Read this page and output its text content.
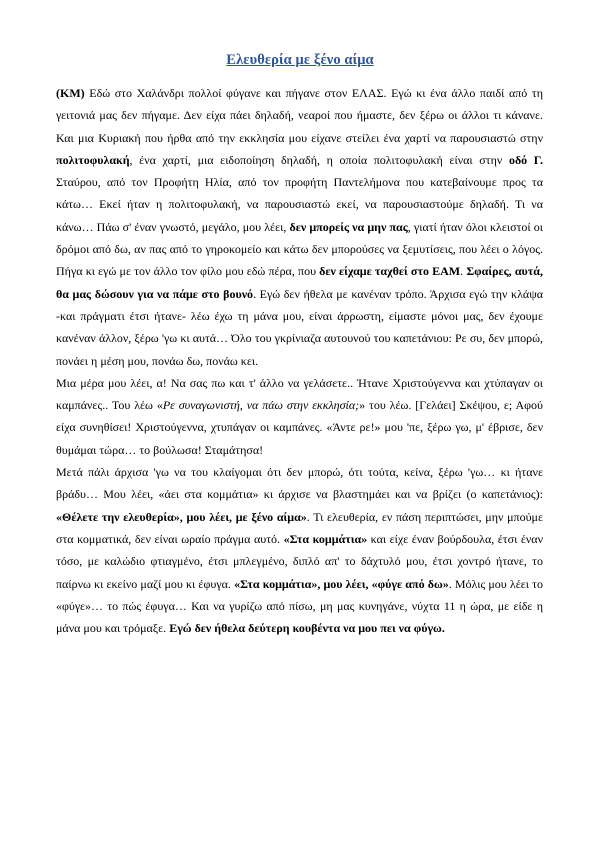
Ελευθερία με ξένο αίμα

(ΚΜ) Εδώ στο Χαλάνδρι πολλοί φύγανε και πήγανε στον ΕΛΑΣ. Εγώ κι ένα άλλο παιδί από τη γειτονιά μας δεν πήγαμε. Δεν είχα πάει δηλαδή, νεαροί που ήμαστε, δεν ξέρω οι άλλοι τι κάνανε. Και μια Κυριακή που ήρθα από την εκκλησία μου είχανε στείλει ένα χαρτί να παρουσιαστώ στην πολιτοφυλακή, ένα χαρτί, μια ειδοποίηση δηλαδή, η οποία πολιτοφυλακή είναι στην οδό Γ. Σταύρου, από τον Προφήτη Ηλία, από τον προφήτη Παντελήμονα που κατεβαίνουμε προς τα κάτω… Εκεί ήταν η πολιτοφυλακή, να παρουσιαστώ εκεί, να παρουσιαστούμε δηλαδή. Τι να κάνω… Πάω σ' έναν γνωστό, μεγάλο, μου λέει, δεν μπορείς να μην πας, γιατί ήταν όλοι κλειστοί οι δρόμοι από δω, αν πας από το γηροκομείο και κάτω δεν μπορούσες να ξεμυτίσεις, που λέει ο λόγος. Πήγα κι εγώ με τον άλλο τον φίλο μου εδώ πέρα, που δεν είχαμε ταχθεί στο ΕΑΜ. Σφαίρες, αυτά, θα μας δώσουν για να πάμε στο βουνό. Εγώ δεν ήθελα με κανέναν τρόπο. Άρχισα εγώ την κλάψα -και πράγματι έτσι ήτανε- λέω έχω τη μάνα μου, είναι άρρωστη, είμαστε μόνοι μας, δεν έχουμε κανέναν άλλον, ξέρω 'γω κι αυτά… Όλο του γκρίνιαζα αυτουνού του καπετάνιου: Ρε συ, δεν μπορώ, πονάει η μέση μου, πονάω δω, πονάω κει.

Μια μέρα μου λέει, α! Να σας πω και τ' άλλο να γελάσετε.. Ήτανε Χριστούγεννα και χτύπαγαν οι καμπάνες.. Του λέω «Ρε συναγωνιστή, να πάω στην εκκλησία;» του λέω. [Γελάει] Σκέψου, ε; Αφού είχα συνηθίσει! Χριστούγεννα, χτυπάγαν οι καμπάνες. «Άντε ρε!» μου 'πε, ξέρω γω, μ' έβρισε, δεν θυμάμαι τώρα… το βούλωσα! Σταμάτησα!

Μετά πάλι άρχισα 'γω να του κλαίγομαι ότι δεν μπορώ, ότι τούτα, κείνα, ξέρω 'γω… κι ήτανε βράδυ… Μου λέει, «άει στα κομμάτια» κι άρχισε να βλαστημάει και να βρίζει (ο καπετάνιος): «Θέλετε την ελευθερία», μου λέει, με ξένο αίμα». Τι ελευθερία, εν πάση περιπτώσει, μην μπούμε στα κομματικά, δεν είναι ωραίο πράγμα αυτό. «Στα κομμάτια» και είχε έναν βούρδουλα, έτσι έναν τόσο, με καλώδιο φτιαγμένο, έτσι μπλεγμένο, διπλό απ' το δάχτυλό μου, έτσι χοντρό ήτανε, το παίρνω κι εκείνο μαζί μου κι έφυγα. «Στα κομμάτια», μου λέει, «φύγε από δω». Μόλις μου λέει το «φύγε»… το πώς έφυγα… Και να γυρίζω από πίσω, μη μας κυνηγάνε, νύχτα 11 η ώρα, με είδε η μάνα μου και τρόμαξε. Εγώ δεν ήθελα δεύτερη κουβέντα να μου πει να φύγω.
